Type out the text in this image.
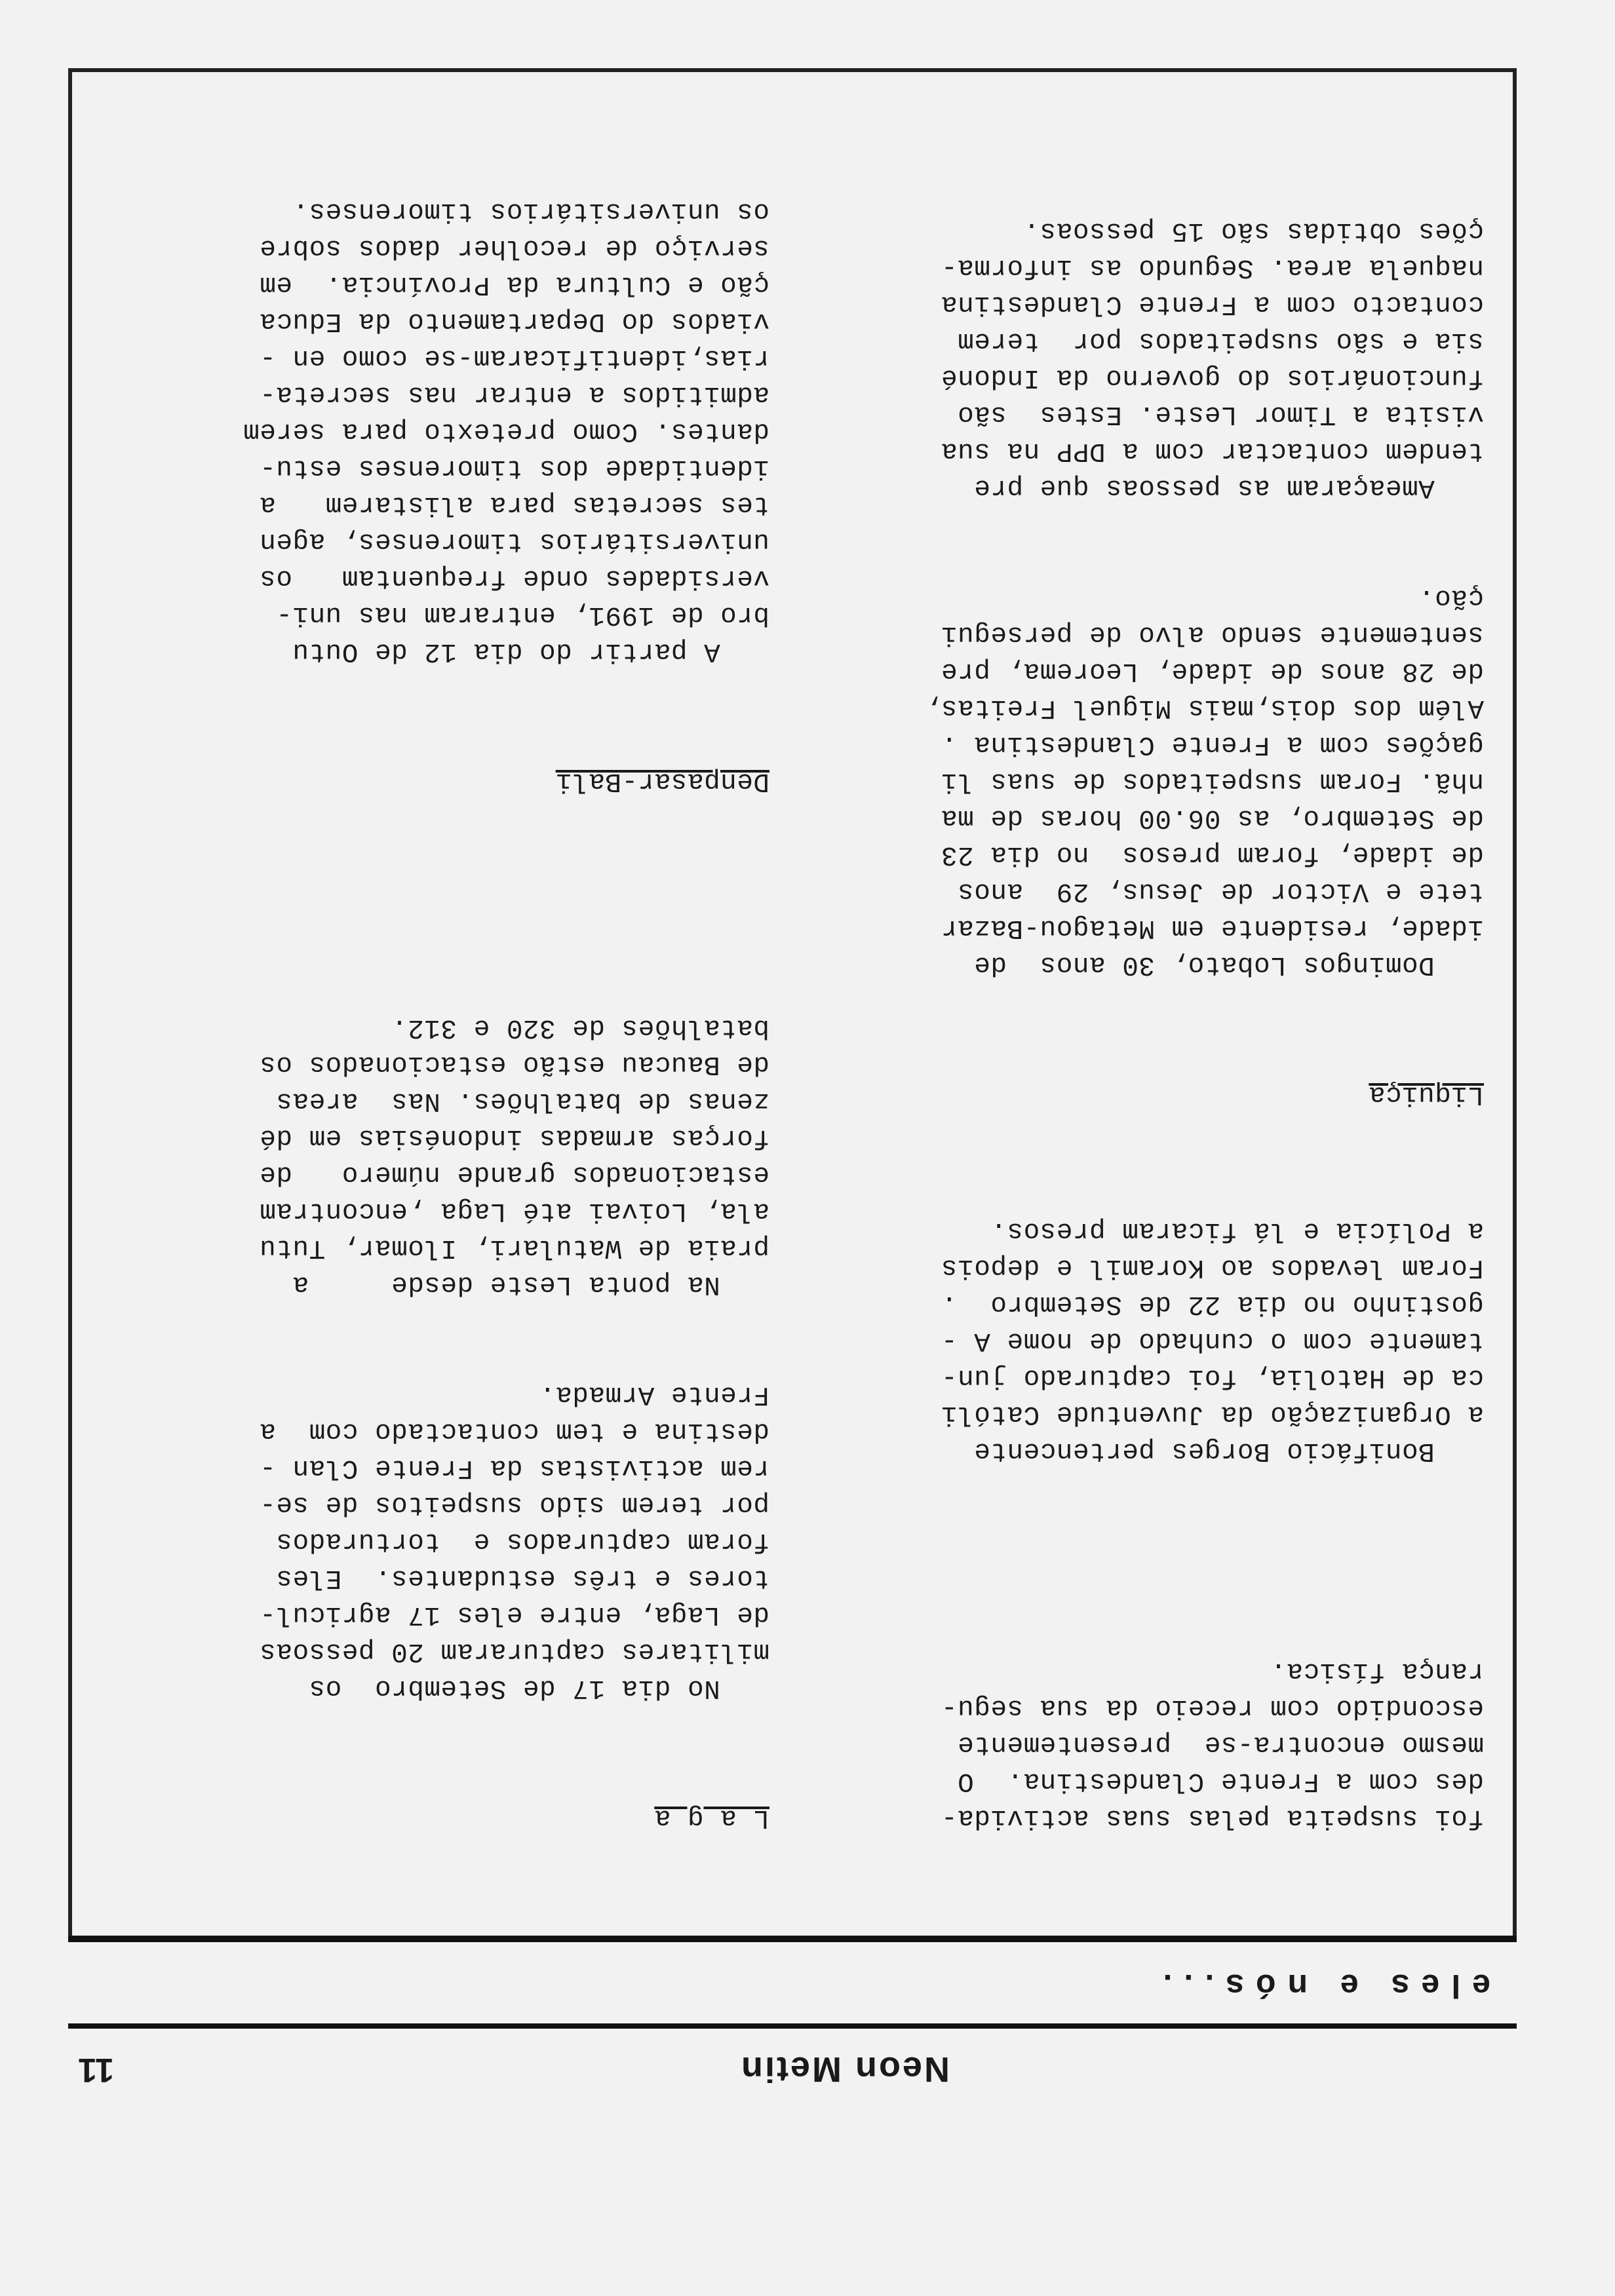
Neon Metin
11
eles e nós...

foi suspeita pelas suas activida-

des com a Frente Clandestina.  O

mesmo encontra-se  presentemente

escondido com receio da sua segu-

rança física.

Bonifácio Borges pertencente

a Organização da Juventude Católi

ca de Hatolia, foi capturado jun-

tamente com o cunhado de nome A -

gostinho no dia 22 de Setembro  .

Foram levados ao Koramil e depois

a Polícia e lá ficaram presos.

Liquiça

Domingos Lobato, 30 anos  de

idade, residente em Metagou-Bazar

tete e Victor de Jesus, 29  anos

de idade, foram presos  no dia 23

de Setembro, as 06.00 horas de ma

nhã. Foram suspeitados de suas li

gações com a Frente Clandestina .

Além dos dois,mais Miguel Freitas,

de 28 anos de idade, Leorema, pre

sentemente sendo alvo de persegui

ção.

Ameaçaram as pessoas que pre

tendem contactar com a DPP na sua

visita a Timor Leste. Estes  são

funcionários do governo da Indoné

sia e são suspeitados por  terem

contacto com a Frente Clandestina

naquela area. Segundo as informa-

ções obtidas são 15 pessoas.

L a g a

No dia 17 de Setembro  os

militares capturaram 20 pessoas

de Laga, entre eles 17 agricul-

tores e três estudantes.  Eles

foram capturados e  torturados

por terem sido suspeitos de se-

rem activistas da Frente Clan -

destina e tem contactado com  a

Frente Armada.

Na ponta Leste desde     a

praia de Watulari, Ilomar, Tutu

ala, Loivai até Laga ,encontram

estacionados grande número   de

forças armadas indonésias em dé

zenas de batalhões. Nas  areas

de Baucau estão estacionados os

batalhões de 320 e 312.

Denpasar-Bali

A partir do dia 12 de Outu

bro de 1991, entraram nas uni-

versidades onde frequentam   os

universitários timorenses, agen

tes secretas para alistarem   a

identidade dos timorenses estu-

dantes. Como pretexto para serem

admitidos a entrar nas secreta-

rias,identificaram-se como en -

viados do Departamento da Educa

ção e Cultura da Província.  em

serviço de recolher dados sobre

os universitários timorenses.
